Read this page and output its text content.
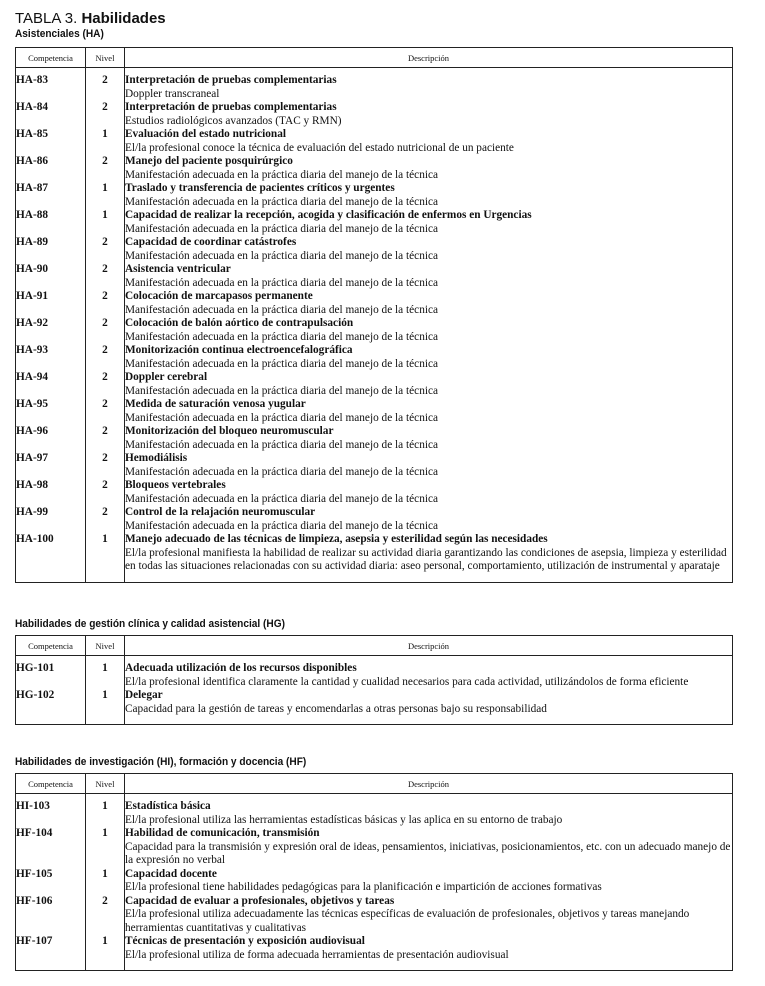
TABLA 3. Habilidades
Asistenciales (HA)
Competencia	Nivel	Descripción
HA-83	2	Interpretación de pruebas complementarias
Doppler transcraneal

HA-84	2	Interpretación de pruebas complementarias
Estudios radiológicos avanzados (TAC y RMN)

HA-85	1	Evaluación del estado nutricional
El/la profesional conoce la técnica de evaluación del estado nutricional de un paciente

HA-86	2	Manejo del paciente posquirúrgico
Manifestación adecuada en la práctica diaria del manejo de la técnica

HA-87	1	Traslado y transferencia de pacientes críticos y urgentes
Manifestación adecuada en la práctica diaria del manejo de la técnica

HA-88	1	Capacidad de realizar la recepción, acogida y clasificación de enfermos en Urgencias
Manifestación adecuada en la práctica diaria del manejo de la técnica

HA-89	2	Capacidad de coordinar catástrofes
Manifestación adecuada en la práctica diaria del manejo de la técnica

HA-90	2	Asistencia ventricular
Manifestación adecuada en la práctica diaria del manejo de la técnica

HA-91	2	Colocación de marcapasos permanente
Manifestación adecuada en la práctica diaria del manejo de la técnica

HA-92	2	Colocación de balón aórtico de contrapulsación
Manifestación adecuada en la práctica diaria del manejo de la técnica

HA-93	2	Monitorización continua electroencefalográfica
Manifestación adecuada en la práctica diaria del manejo de la técnica

HA-94	2	Doppler cerebral
Manifestación adecuada en la práctica diaria del manejo de la técnica

HA-95	2	Medida de saturación venosa yugular
Manifestación adecuada en la práctica diaria del manejo de la técnica

HA-96	2	Monitorización del bloqueo neuromuscular
Manifestación adecuada en la práctica diaria del manejo de la técnica

HA-97	2	Hemodiálisis
Manifestación adecuada en la práctica diaria del manejo de la técnica

HA-98	2	Bloqueos vertebrales
Manifestación adecuada en la práctica diaria del manejo de la técnica

HA-99	2	Control de la relajación neuromuscular
Manifestación adecuada en la práctica diaria del manejo de la técnica

HA-100	1	Manejo adecuado de las técnicas de limpieza, asepsia y esterilidad según las necesidades
El/la profesional manifiesta la habilidad de realizar su actividad diaria garantizando las condiciones de asepsia, limpieza y esterilidad en todas las situaciones relacionadas con su actividad diaria: aseo personal, comportamiento, utilización de instrumental y aparataje
Habilidades de gestión clínica y calidad asistencial (HG)
Competencia	Nivel	Descripción
HG-101	1	Adecuada utilización de los recursos disponibles
El/la profesional identifica claramente la cantidad y cualidad necesarios para cada actividad, utilizándolos de forma eficiente

HG-102	1	Delegar
Capacidad para la gestión de tareas y encomendarlas a otras personas bajo su responsabilidad
Habilidades de investigación (HI), formación y docencia (HF)
Competencia	Nivel	Descripción
HI-103	1	Estadística básica
El/la profesional utiliza las herramientas estadísticas básicas y las aplica en su entorno de trabajo

HF-104	1	Habilidad de comunicación, transmisión
Capacidad para la transmisión y expresión oral de ideas, pensamientos, iniciativas, posicionamientos, etc. con un adecuado manejo de la expresión no verbal

HF-105	1	Capacidad docente
El/la profesional tiene habilidades pedagógicas para la planificación e impartición de acciones formativas

HF-106	2	Capacidad de evaluar a profesionales, objetivos y tareas
El/la profesional utiliza adecuadamente las técnicas específicas de evaluación de profesionales, objetivos y tareas manejando herramientas cuantitativas y cualitativas

HF-107	1	Técnicas de presentación y exposición audiovisual
El/la profesional utiliza de forma adecuada herramientas de presentación audiovisual
